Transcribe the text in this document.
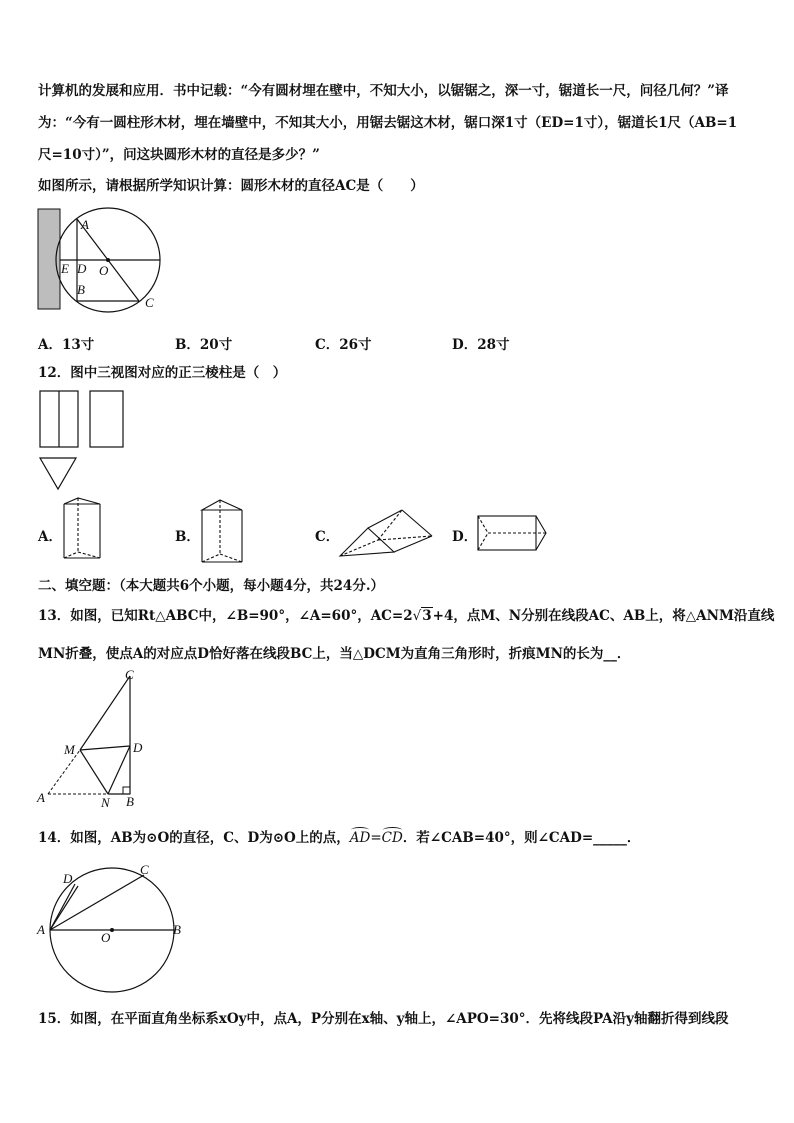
计算机的发展和应用．书中记载：“今有圆材埋在壁中，不知大小，以锯锯之，深一寸，锯道长一尺，问径几何？”译
为：“今有一圆柱形木材，埋在墙壁中，不知其大小，用锯去锯这木材，锯口深1寸（ED=1寸），锯道长1尺（AB=1
尺=10寸）”，问这块圆形木材的直径是多少？”
如图所示，请根据所学知识计算：圆形木材的直径AC是（　　）
A
E D O
B
C
A．13寸	B．20寸	C．26寸	D．28寸
12．图中三视图对应的正三棱柱是（　）
A．	B．	C．	D．
二、填空题：（本大题共6个小题，每小题4分，共24分.）
13．如图，已知Rt△ABC中，∠B=90°，∠A=60°，AC=2√3+4，点M、N分别在线段AC、AB上，将△ANM沿直线
MN折叠，使点A的对应点D恰好落在线段BC上，当△DCM为直角三角形时，折痕MN的长为__．
C
M	D
A	N B
14．如图，AB为⊙O的直径，C、D为⊙O上的点，
AD=
CD．若∠CAB=40°，则∠CAD=_____．
D
C
A
O
B
15．如图，在平面直角坐标系xOy中，点A，P分别在x轴、y轴上，∠APO=30°．先将线段PA沿y轴翻折得到线段
